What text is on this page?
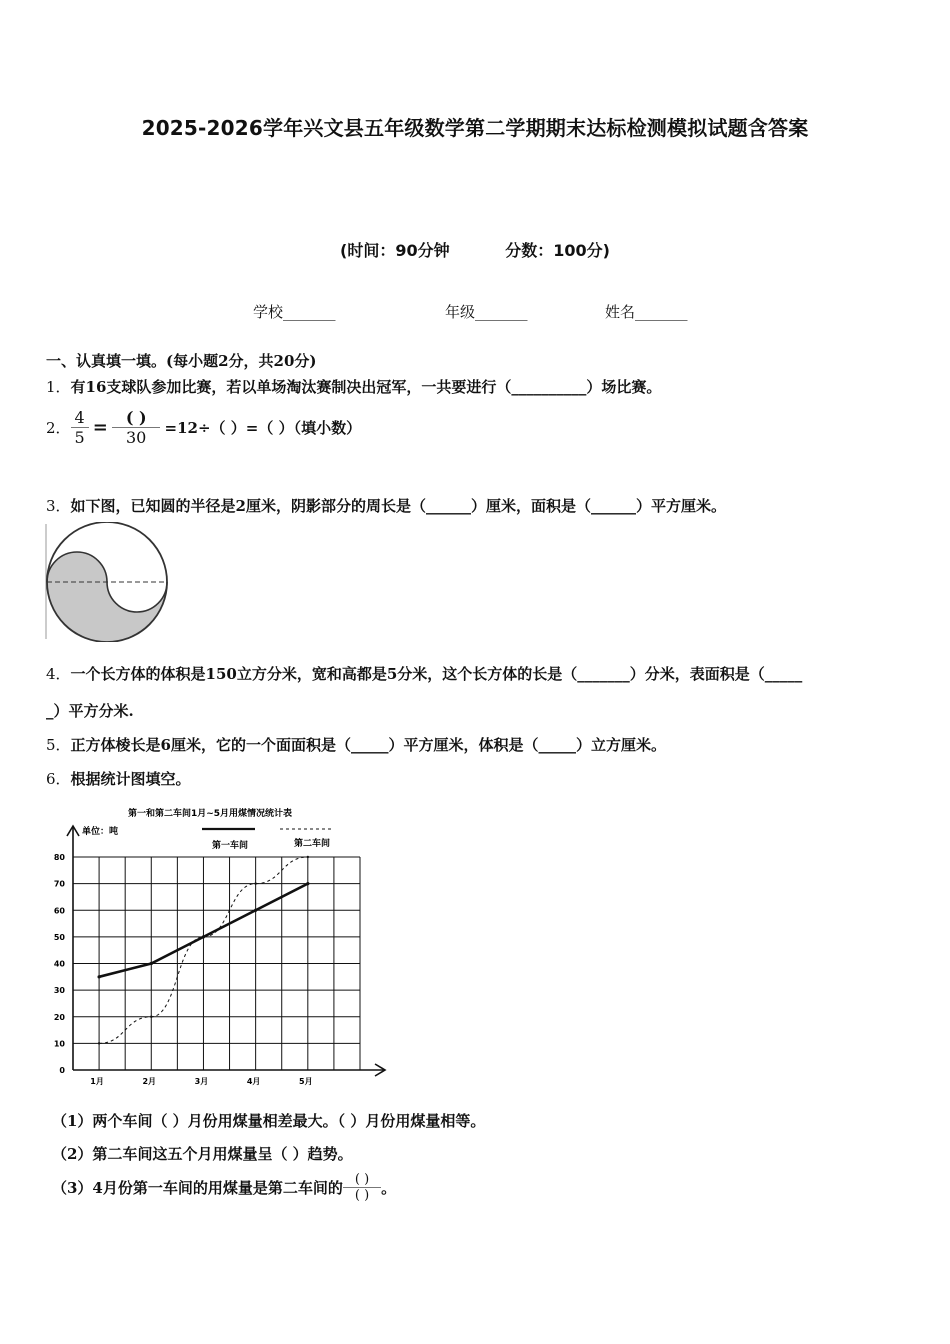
2025-2026学年兴文县五年级数学第二学期期末达标检测模拟试题含答案
(时间：90分钟          分数：100分)
学校_______	年级_______	姓名_______
一、认真填一填。(每小题2分，共20分)
1．有16支球队参加比赛，若以单场淘汰赛制决出冠军，一共要进行（__________）场比赛。
2． $\frac{4}{5} = \frac{( )}{30} =12\div$（ ）=（ ）（填小数）
3．如下图，已知圆的半径是2厘米，阴影部分的周长是（______）厘米，面积是（______）平方厘米。
4．一个长方体的体积是150立方分米，宽和高都是5分米，这个长方体的长是（_______）分米，表面积是（_____
_）平方分米.
5．正方体棱长是6厘米，它的一个面面积是（_____）平方厘米，体积是（_____）立方厘米。
6．根据统计图填空。
第一和第二车间1月~5月用煤情况统计表
单位：吨
第一车间	第二车间
0
10
20
30
40
50
60
70
80
1月	2月	3月	4月	5月
（1）两个车间（ ）月份用煤量相差最大。（ ）月份用煤量相等。
（2）第二车间这五个月用煤量呈（ ）趋势。
（3）4月份第一车间的用煤量是第二车间的 $\frac{( )}{( )}$ 。
